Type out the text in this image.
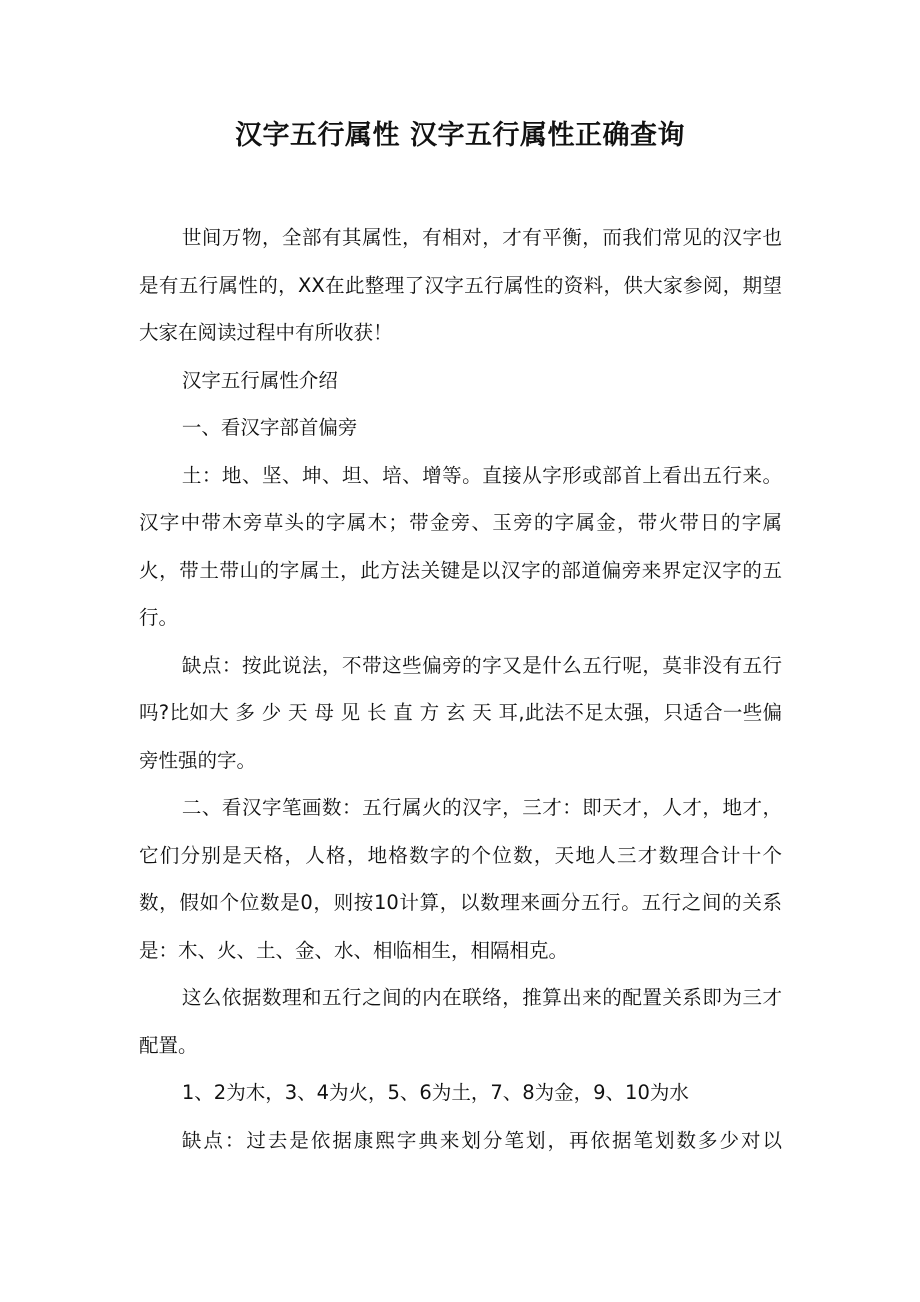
汉字五行属性 汉字五行属性正确查询

世间万物，全部有其属性，有相对，才有平衡，而我们常见的汉字也是有五行属性的，XX在此整理了汉字五行属性的资料，供大家参阅，期望大家在阅读过程中有所收获！

汉字五行属性介绍

一、看汉字部首偏旁

土：地、坚、坤、坦、培、增等。直接从字形或部首上看出五行来。汉字中带木旁草头的字属木；带金旁、玉旁的字属金，带火带日的字属火，带土带山的字属土，此方法关键是以汉字的部道偏旁来界定汉字的五行。

缺点：按此说法，不带这些偏旁的字又是什么五行呢，莫非没有五行吗?比如大 多 少 天 母 见 长 直 方 玄 天 耳,此法不足太强，只适合一些偏旁性强的字。

二、看汉字笔画数：五行属火的汉字，三才：即天才，人才，地才，它们分别是天格，人格，地格数字的个位数，天地人三才数理合计十个数，假如个位数是0，则按10计算，以数理来画分五行。五行之间的关系是：木、火、土、金、水、相临相生，相隔相克。

这么依据数理和五行之间的内在联络，推算出来的配置关系即为三才配置。

1、2为木，3、4为火，5、6为土，7、8为金，9、10为水

缺点：过去是依据康熙字典来划分笔划，再依据笔划数多少对以
